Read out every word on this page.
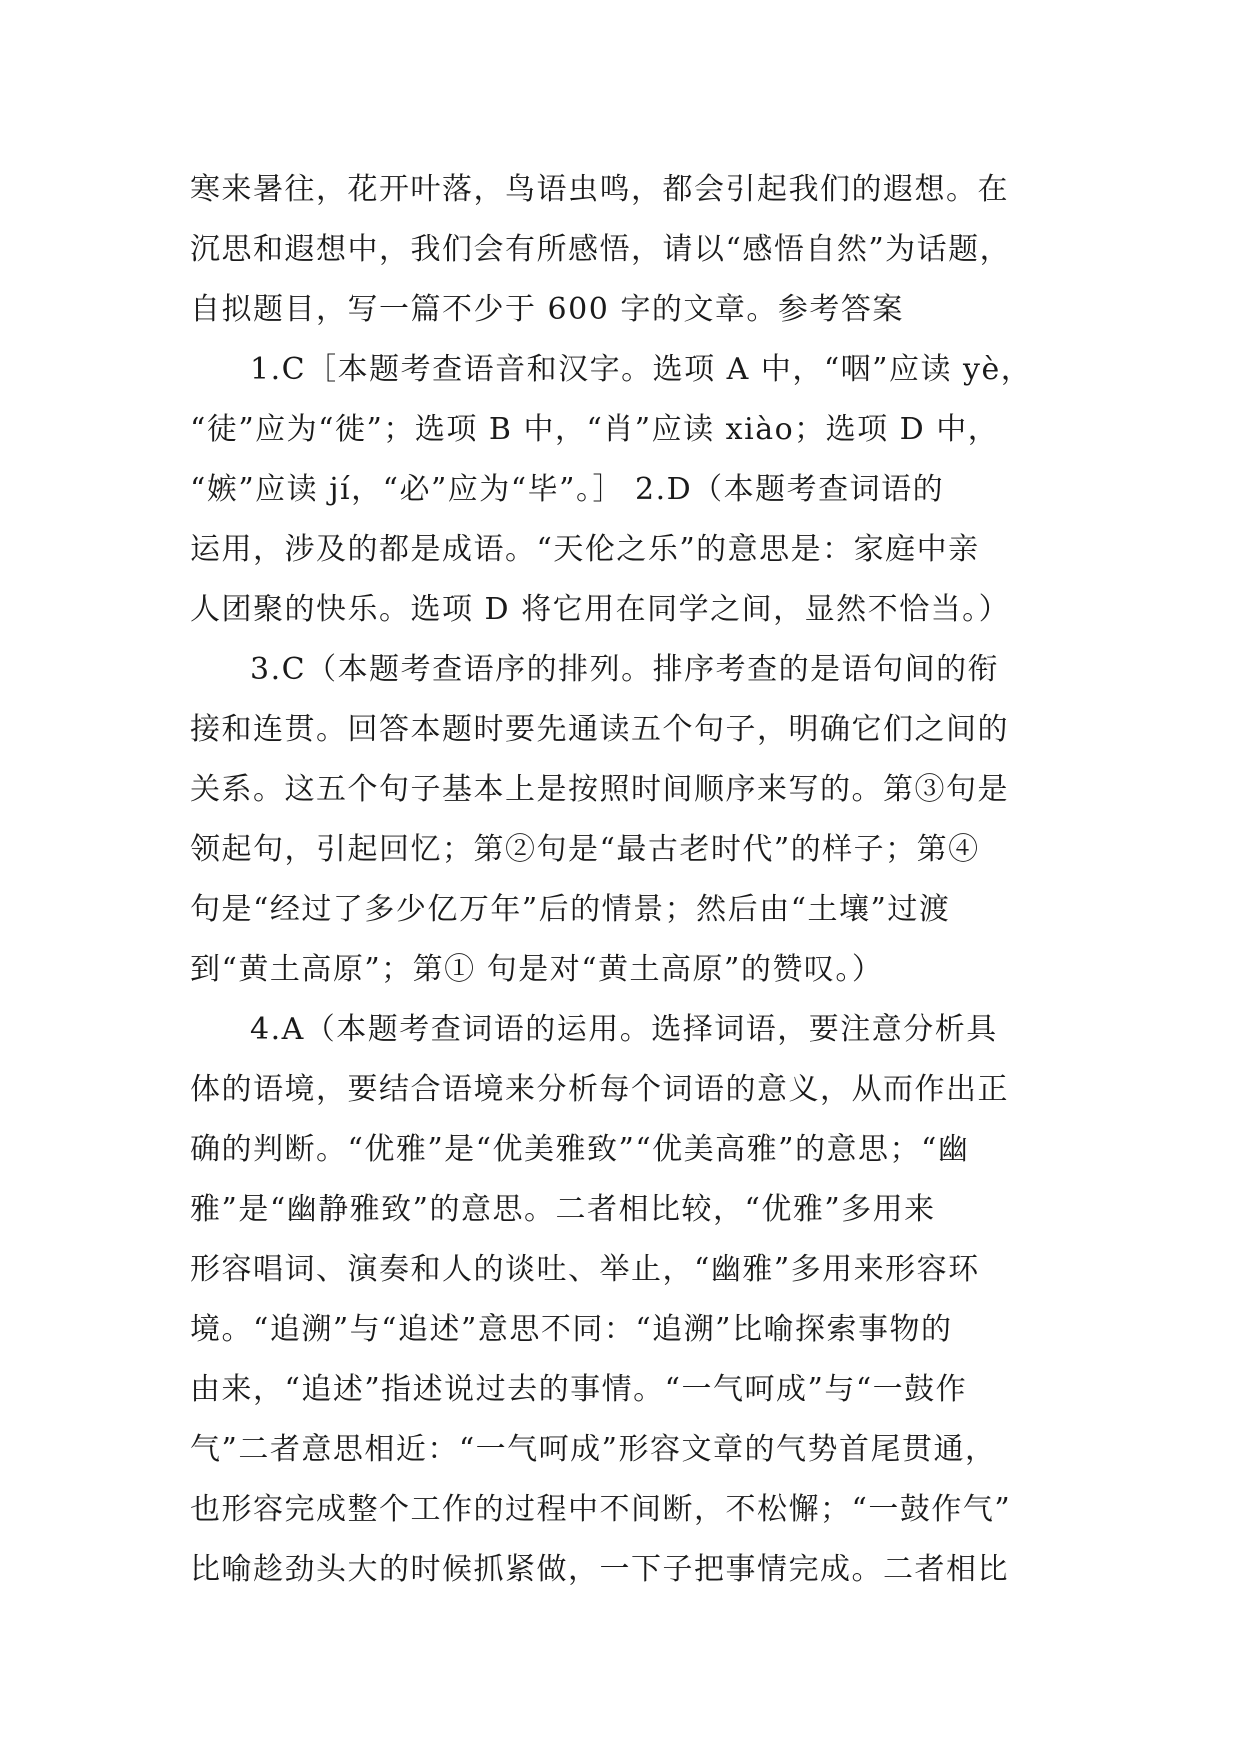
寒来暑往，花开叶落，鸟语虫鸣，都会引起我们的遐想。在
沉思和遐想中，我们会有所感悟，请以“感悟自然”为话题，
自拟题目，写一篇不少于 600 字的文章。参考答案
1.C［本题考查语音和汉字。选项 A 中，“咽”应读 yè，
“徒”应为“徙”；选项 B 中，“肖”应读 xiào；选项 D 中，
“嫉”应读 jí，“必”应为“毕”。］ 2.D（本题考查词语的
运用，涉及的都是成语。“天伦之乐”的意思是：家庭中亲
人团聚的快乐。选项 D 将它用在同学之间，显然不恰当。）
3.C（本题考查语序的排列。排序考查的是语句间的衔
接和连贯。回答本题时要先通读五个句子，明确它们之间的
关系。这五个句子基本上是按照时间顺序来写的。第③句是
领起句，引起回忆；第②句是“最古老时代”的样子；第④
句是“经过了多少亿万年”后的情景；然后由“土壤”过渡
到“黄土高原”；第① 句是对“黄土高原”的赞叹。）
4.A（本题考查词语的运用。选择词语，要注意分析具
体的语境，要结合语境来分析每个词语的意义，从而作出正
确的判断。“优雅”是“优美雅致”“优美高雅”的意思；“幽
雅”是“幽静雅致”的意思。二者相比较，“优雅”多用来
形容唱词、演奏和人的谈吐、举止，“幽雅”多用来形容环
境。“追溯”与“追述”意思不同：“追溯”比喻探索事物的
由来，“追述”指述说过去的事情。“一气呵成”与“一鼓作
气”二者意思相近：“一气呵成”形容文章的气势首尾贯通，
也形容完成整个工作的过程中不间断，不松懈；“一鼓作气”
比喻趁劲头大的时候抓紧做，一下子把事情完成。二者相比
